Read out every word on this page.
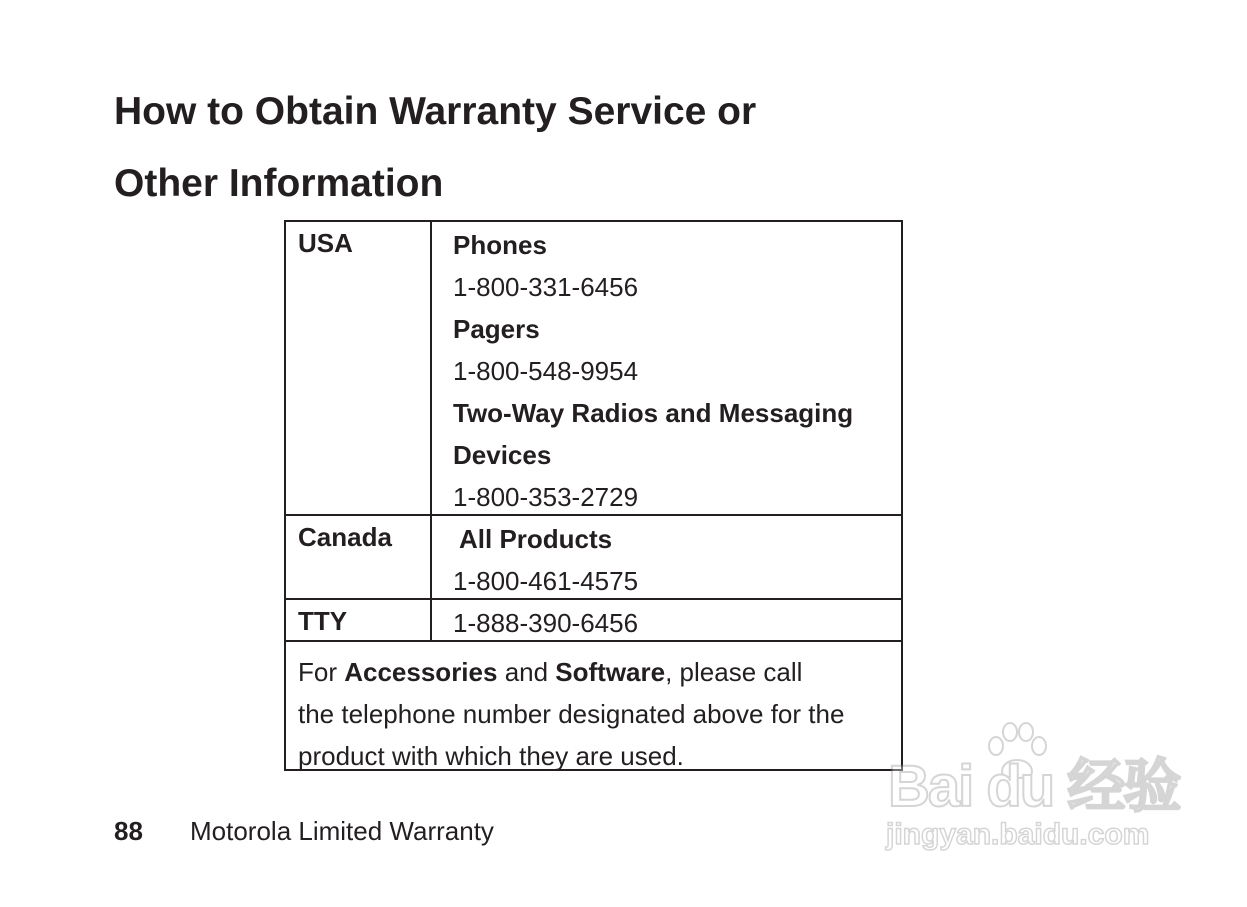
How to Obtain Warranty Service or
Other Information
USA	Phones
1-800-331-6456
Pagers
1-800-548-9954
Two-Way Radios and Messaging
Devices
1-800-353-2729
Canada	All Products
1-800-461-4575
TTY	1-888-390-6456
For Accessories and Software, please call
the telephone number designated above for the
product with which they are used.
88 Motorola Limited Warranty
Bai du 经验
jingyan.baidu.com
